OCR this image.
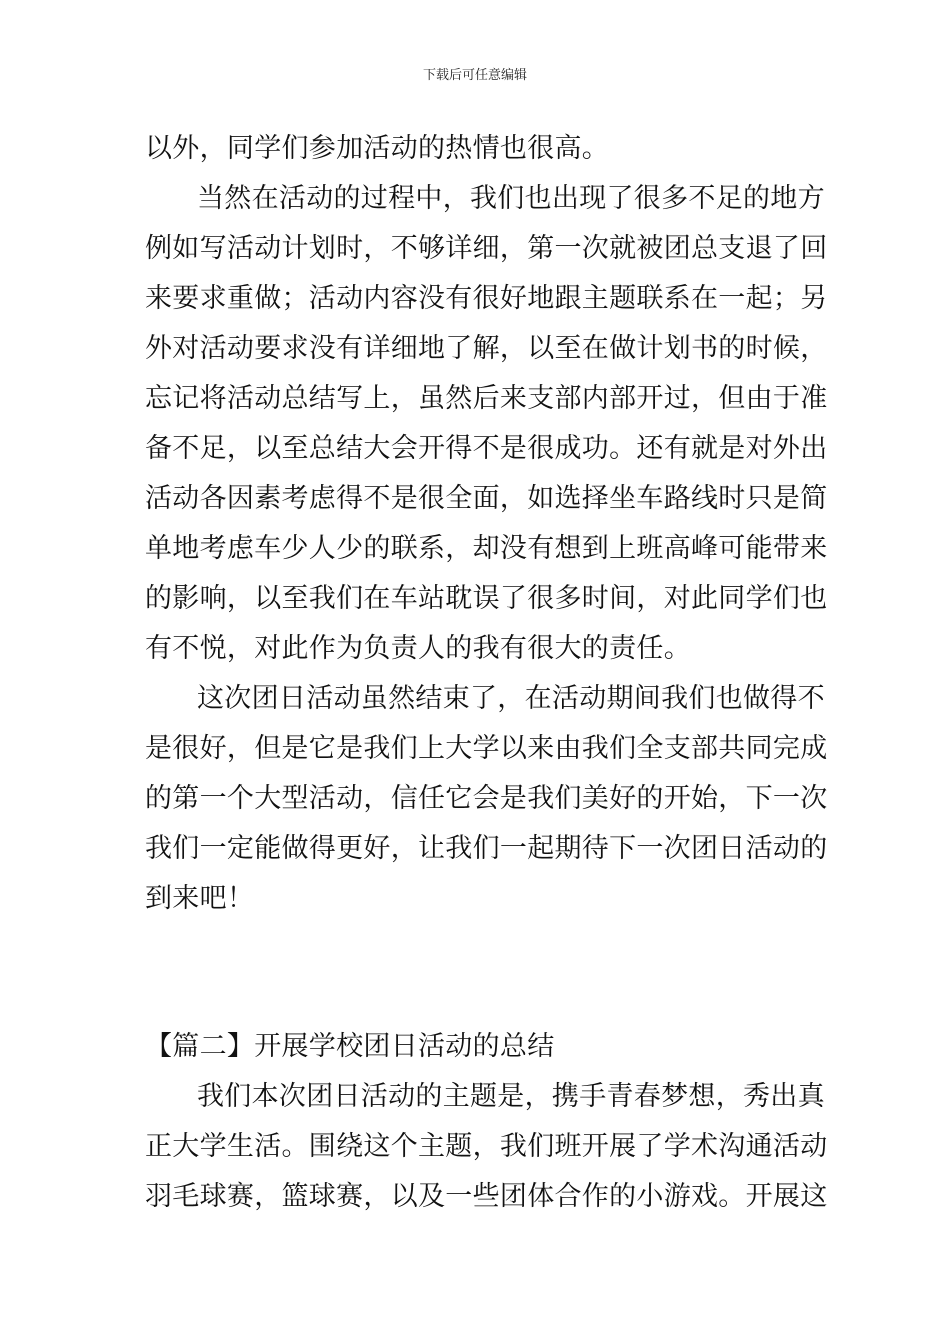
下载后可任意编辑
以外，同学们参加活动的热情也很高。
当然在活动的过程中，我们也出现了很多不足的地方
例如写活动计划时，不够详细，第一次就被团总支退了回
来要求重做；活动内容没有很好地跟主题联系在一起；另
外对活动要求没有详细地了解，以至在做计划书的时候，
忘记将活动总结写上，虽然后来支部内部开过，但由于准
备不足，以至总结大会开得不是很成功。还有就是对外出
活动各因素考虑得不是很全面，如选择坐车路线时只是简
单地考虑车少人少的联系，却没有想到上班高峰可能带来
的影响，以至我们在车站耽误了很多时间，对此同学们也
有不悦，对此作为负责人的我有很大的责任。
这次团日活动虽然结束了，在活动期间我们也做得不
是很好，但是它是我们上大学以来由我们全支部共同完成
的第一个大型活动，信任它会是我们美好的开始，下一次
我们一定能做得更好，让我们一起期待下一次团日活动的
到来吧！
【篇二】开展学校团日活动的总结
我们本次团日活动的主题是，携手青春梦想，秀出真
正大学生活。围绕这个主题，我们班开展了学术沟通活动
羽毛球赛，篮球赛，以及一些团体合作的小游戏。开展这
